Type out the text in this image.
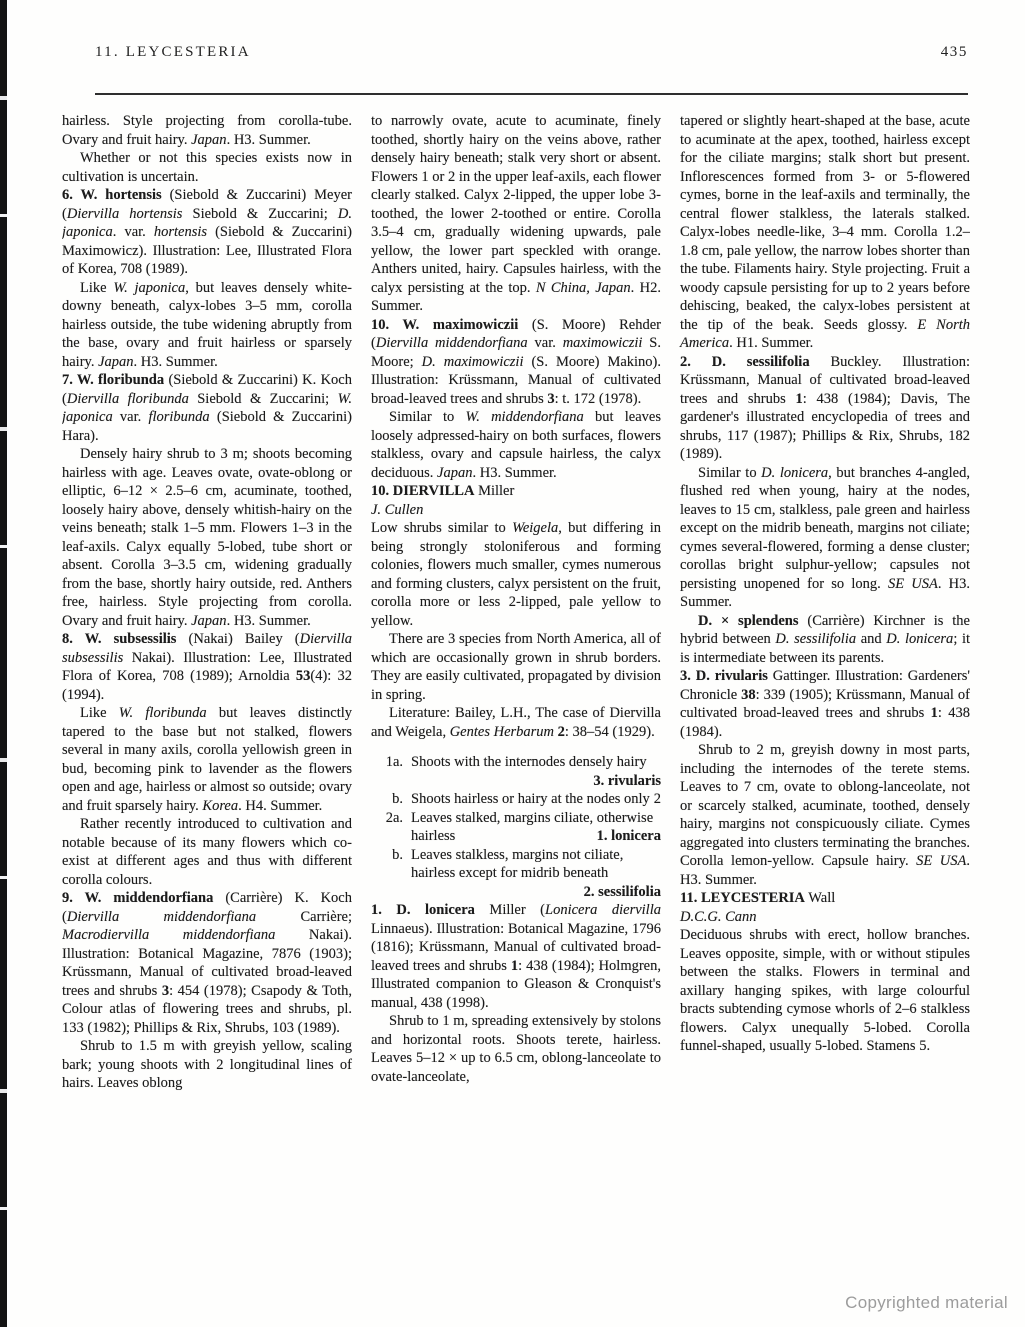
11. LEYCESTERIA	435

hairless. Style projecting from corolla-tube. Ovary and fruit hairy. Japan. H3. Summer.

Whether or not this species exists now in cultivation is uncertain.

6. W. hortensis (Siebold & Zuccarini) Meyer (Diervilla hortensis Siebold & Zuccarini; D. japonica. var. hortensis (Siebold & Zuccarini) Maximowicz). Illustration: Lee, Illustrated Flora of Korea, 708 (1989).

Like W. japonica, but leaves densely white-downy beneath, calyx-lobes 3–5 mm, corolla hairless outside, the tube widening abruptly from the base, ovary and fruit hairless or sparsely hairy. Japan. H3. Summer.

7. W. floribunda (Siebold & Zuccarini) K. Koch (Diervilla floribunda Siebold & Zuccarini; W. japonica var. floribunda (Siebold & Zuccarini) Hara).

Densely hairy shrub to 3 m; shoots becoming hairless with age. Leaves ovate, ovate-oblong or elliptic, 6–12 × 2.5–6 cm, acuminate, toothed, loosely hairy above, densely whitish-hairy on the veins beneath; stalk 1–5 mm. Flowers 1–3 in the leaf-axils. Calyx equally 5-lobed, tube short or absent. Corolla 3–3.5 cm, widening gradually from the base, shortly hairy outside, red. Anthers free, hairless. Style projecting from corolla. Ovary and fruit hairy. Japan. H3. Summer.

8. W. subsessilis (Nakai) Bailey (Diervilla subsessilis Nakai). Illustration: Lee, Illustrated Flora of Korea, 708 (1989); Arnoldia 53(4): 32 (1994).

Like W. floribunda but leaves distinctly tapered to the base but not stalked, flowers several in many axils, corolla yellowish green in bud, becoming pink to lavender as the flowers open and age, hairless or almost so outside; ovary and fruit sparsely hairy. Korea. H4. Summer.

Rather recently introduced to cultivation and notable because of its many flowers which co-exist at different ages and thus with different corolla colours.

9. W. middendorfiana (Carrière) K. Koch (Diervilla middendorfiana Carrière; Macrodiervilla middendorfiana Nakai). Illustration: Botanical Magazine, 7876 (1903); Krüssmann, Manual of cultivated broad-leaved trees and shrubs 3: 454 (1978); Csapody & Toth, Colour atlas of flowering trees and shrubs, pl. 133 (1982); Phillips & Rix, Shrubs, 103 (1989).

Shrub to 1.5 m with greyish yellow, scaling bark; young shoots with 2 longitudinal lines of hairs. Leaves oblong

to narrowly ovate, acute to acuminate, finely toothed, shortly hairy on the veins above, rather densely hairy beneath; stalk very short or absent. Flowers 1 or 2 in the upper leaf-axils, each flower clearly stalked. Calyx 2-lipped, the upper lobe 3-toothed, the lower 2-toothed or entire. Corolla 3.5–4 cm, gradually widening upwards, pale yellow, the lower part speckled with orange. Anthers united, hairy. Capsules hairless, with the calyx persisting at the top. N China, Japan. H2. Summer.

10. W. maximowiczii (S. Moore) Rehder (Diervilla middendorfiana var. maximowiczii S. Moore; D. maximowiczii (S. Moore) Makino). Illustration: Krüssmann, Manual of cultivated broad-leaved trees and shrubs 3: t. 172 (1978).

Similar to W. middendorfiana but leaves loosely adpressed-hairy on both surfaces, flowers stalkless, ovary and capsule hairless, the calyx deciduous. Japan. H3. Summer.

10. DIERVILLA Miller

J. Cullen

Low shrubs similar to Weigela, but differing in being strongly stoloniferous and forming colonies, flowers much smaller, cymes numerous and forming clusters, calyx persistent on the fruit, corolla more or less 2-lipped, pale yellow to yellow.

There are 3 species from North America, all of which are occasionally grown in shrub borders. They are easily cultivated, propagated by division in spring.

Literature: Bailey, L.H., The case of Diervilla and Weigela, Gentes Herbarum 2: 38–54 (1929).

1a. Shoots with the internodes densely hairy
3. rivularis
b. Shoots hairless or hairy at the nodes only 2
2a. Leaves stalked, margins ciliate, otherwise hairless	1. lonicera
b. Leaves stalkless, margins not ciliate, hairless except for midrib beneath
2. sessilifolia

1. D. lonicera Miller (Lonicera diervilla Linnaeus). Illustration: Botanical Magazine, 1796 (1816); Krüssmann, Manual of cultivated broad-leaved trees and shrubs 1: 438 (1984); Holmgren, Illustrated companion to Gleason & Cronquist's manual, 438 (1998).

Shrub to 1 m, spreading extensively by stolons and horizontal roots. Shoots terete, hairless. Leaves 5–12 × up to 6.5 cm, oblong-lanceolate to ovate-lanceolate,

tapered or slightly heart-shaped at the base, acute to acuminate at the apex, toothed, hairless except for the ciliate margins; stalk short but present. Inflorescences formed from 3- or 5-flowered cymes, borne in the leaf-axils and terminally, the central flower stalkless, the laterals stalked. Calyx-lobes needle-like, 3–4 mm. Corolla 1.2–1.8 cm, pale yellow, the narrow lobes shorter than the tube. Filaments hairy. Style projecting. Fruit a woody capsule persisting for up to 2 years before dehiscing, beaked, the calyx-lobes persistent at the tip of the beak. Seeds glossy. E North America. H1. Summer.

2. D. sessilifolia Buckley. Illustration: Krüssmann, Manual of cultivated broad-leaved trees and shrubs 1: 438 (1984); Davis, The gardener's illustrated encyclopedia of trees and shrubs, 117 (1987); Phillips & Rix, Shrubs, 182 (1989).

Similar to D. lonicera, but branches 4-angled, flushed red when young, hairy at the nodes, leaves to 15 cm, stalkless, pale green and hairless except on the midrib beneath, margins not ciliate; cymes several-flowered, forming a dense cluster; corollas bright sulphur-yellow; capsules not persisting unopened for so long. SE USA. H3. Summer.

D. × splendens (Carrière) Kirchner is the hybrid between D. sessilifolia and D. lonicera; it is intermediate between its parents.

3. D. rivularis Gattinger. Illustration: Gardeners' Chronicle 38: 339 (1905); Krüssmann, Manual of cultivated broad-leaved trees and shrubs 1: 438 (1984).

Shrub to 2 m, greyish downy in most parts, including the internodes of the terete stems. Leaves to 7 cm, ovate to oblong-lanceolate, not or scarcely stalked, acuminate, toothed, densely hairy, margins not conspicuously ciliate. Cymes aggregated into clusters terminating the branches. Corolla lemon-yellow. Capsule hairy. SE USA. H3. Summer.

11. LEYCESTERIA Wall

D.C.G. Cann

Deciduous shrubs with erect, hollow branches. Leaves opposite, simple, with or without stipules between the stalks. Flowers in terminal and axillary hanging spikes, with large colourful bracts subtending cymose whorls of 2–6 stalkless flowers. Calyx unequally 5-lobed. Corolla funnel-shaped, usually 5-lobed. Stamens 5.

Copyrighted material
